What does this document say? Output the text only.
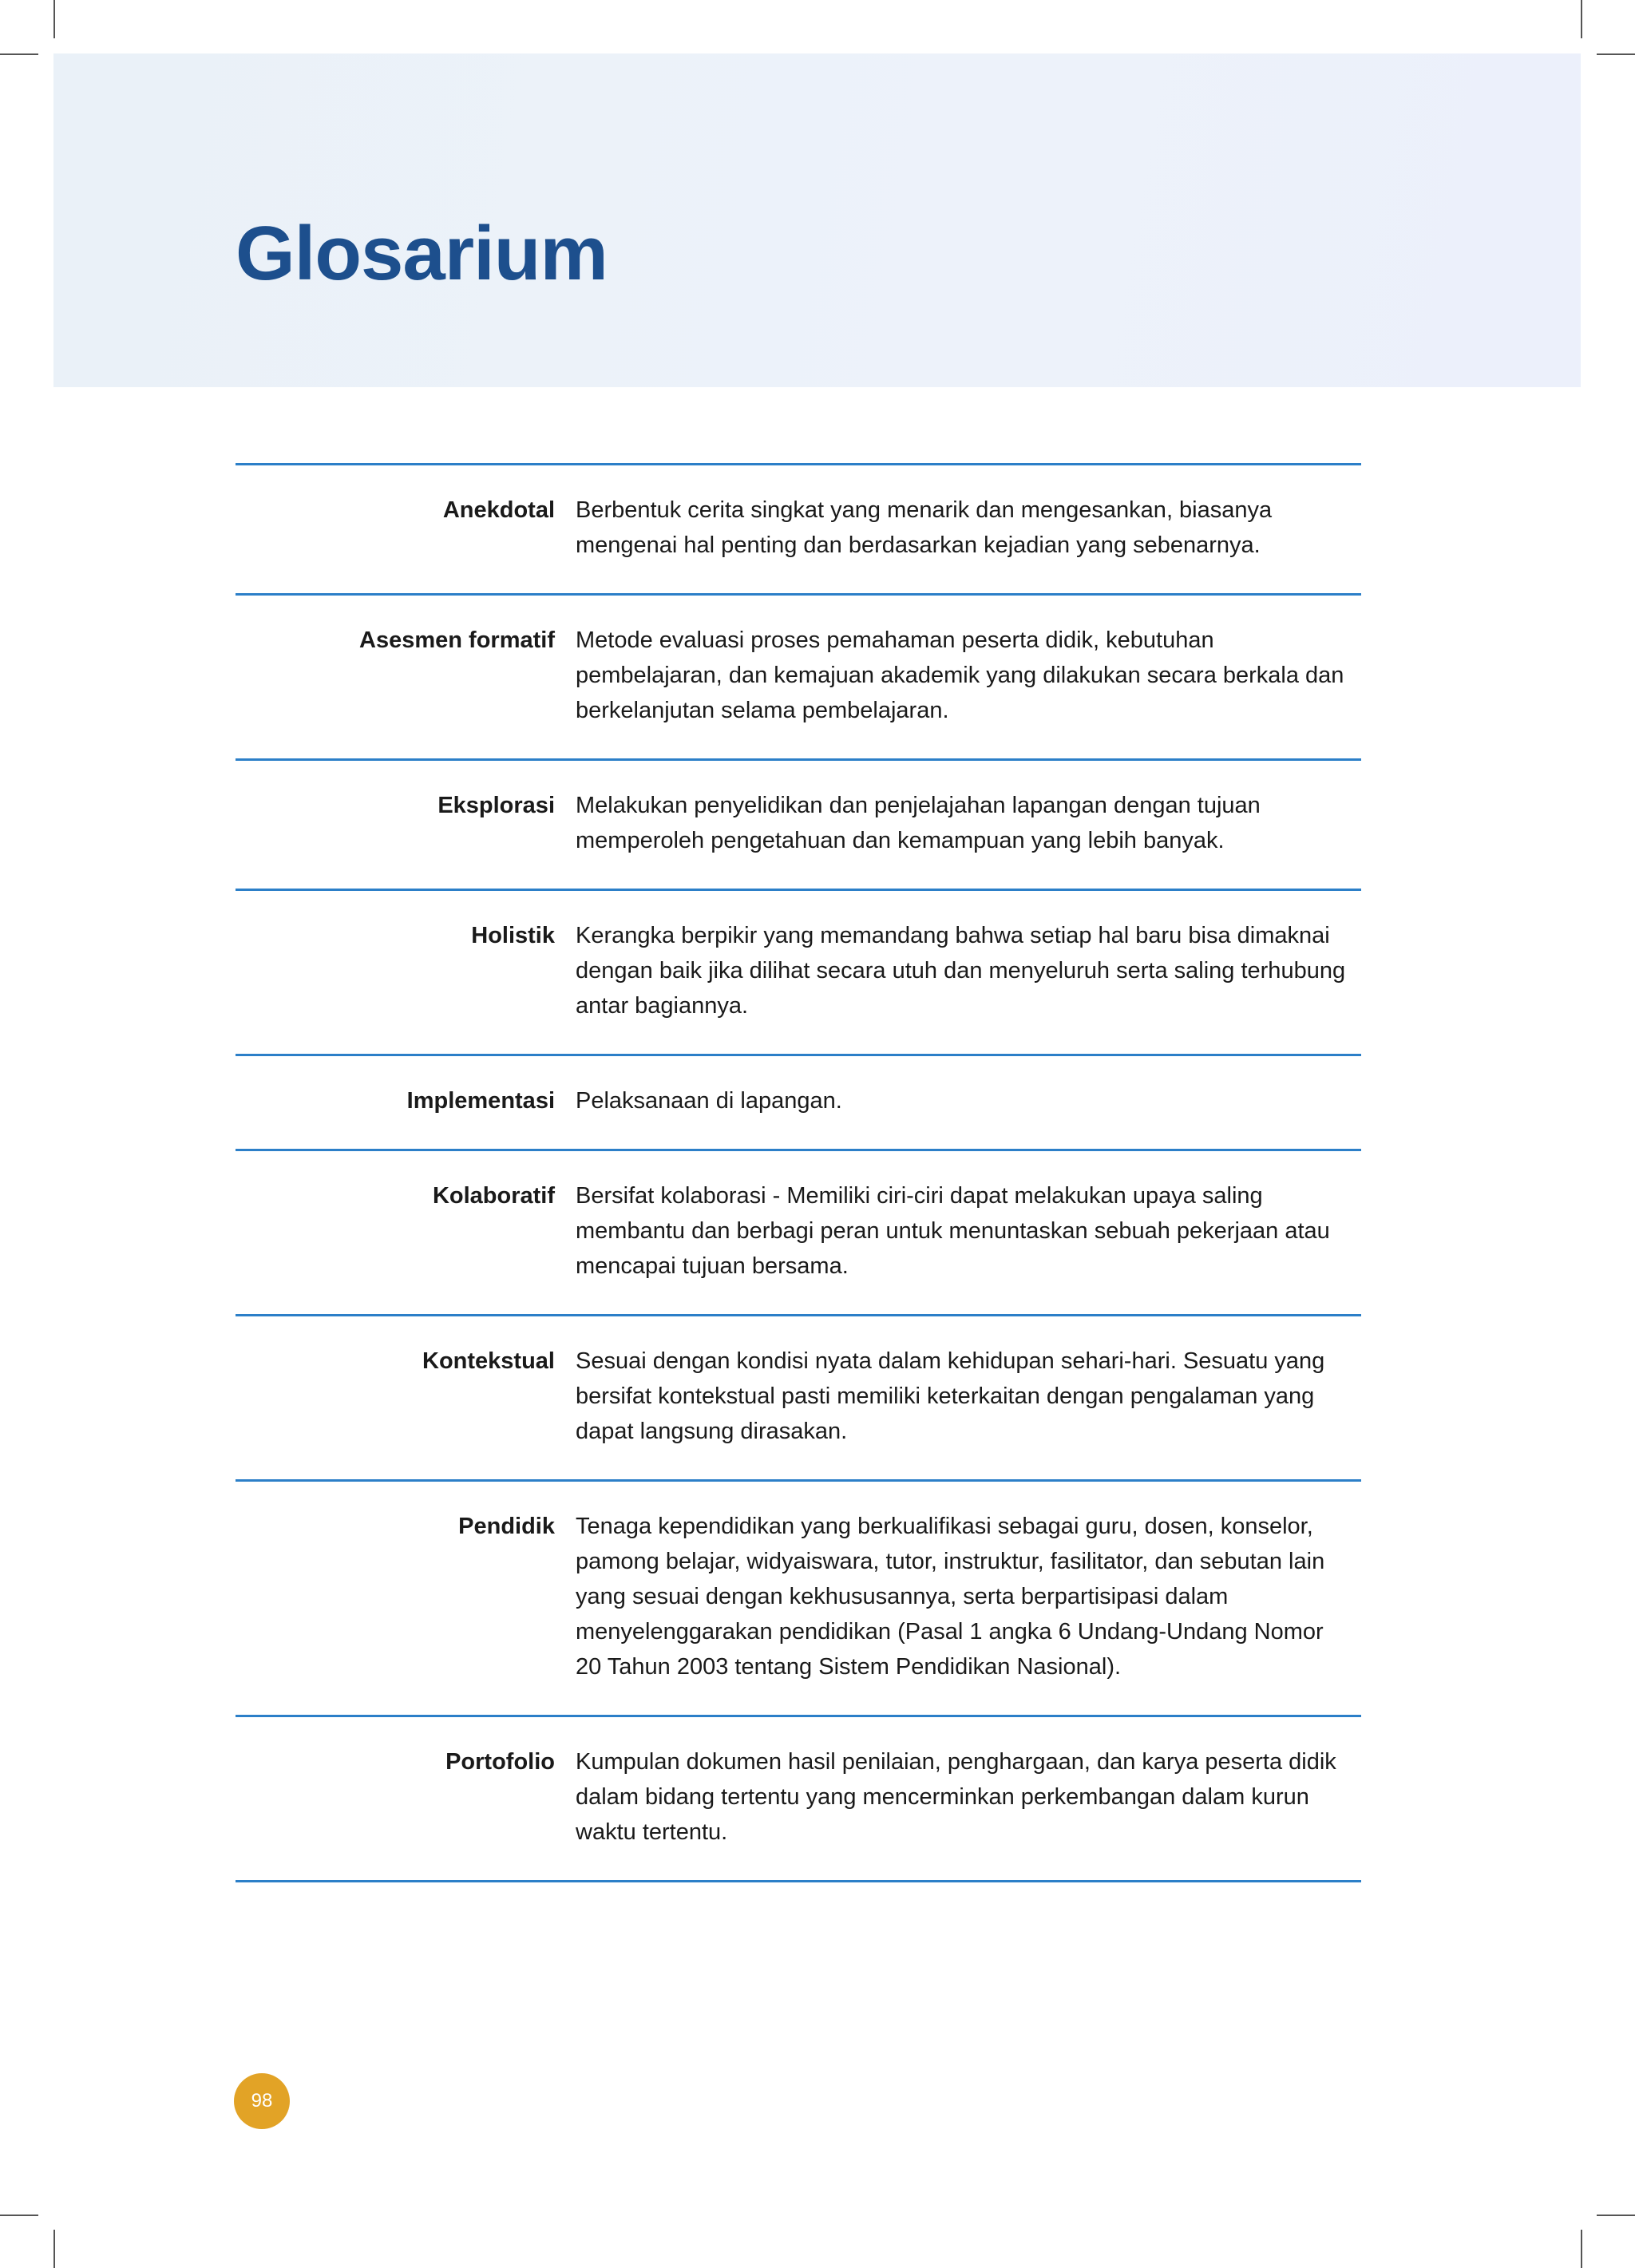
Glosarium
Anekdotal Berbentuk cerita singkat yang menarik dan mengesankan, biasanya mengenai hal penting dan berdasarkan kejadian yang sebenarnya.
Asesmen formatif Metode evaluasi proses pemahaman peserta didik, kebutuhan pembelajaran, dan kemajuan akademik yang dilakukan secara berkala dan berkelanjutan selama pembelajaran.
Eksplorasi Melakukan penyelidikan dan penjelajahan lapangan dengan tujuan memperoleh pengetahuan dan kemampuan yang lebih banyak.
Holistik Kerangka berpikir yang memandang bahwa setiap hal baru bisa dimaknai dengan baik jika dilihat secara utuh dan menyeluruh serta saling terhubung antar bagiannya.
Implementasi Pelaksanaan di lapangan.
Kolaboratif Bersifat kolaborasi - Memiliki ciri-ciri dapat melakukan upaya saling membantu dan berbagi peran untuk menuntaskan sebuah pekerjaan atau mencapai tujuan bersama.
Kontekstual Sesuai dengan kondisi nyata dalam kehidupan sehari-hari. Sesuatu yang bersifat kontekstual pasti memiliki keterkaitan dengan pengalaman yang dapat langsung dirasakan.
Pendidik Tenaga kependidikan yang berkualifikasi sebagai guru, dosen, konselor, pamong belajar, widyaiswara, tutor, instruktur, fasilitator, dan sebutan lain yang sesuai dengan kekhususannya, serta berpartisipasi dalam menyelenggarakan pendidikan (Pasal 1 angka 6 Undang-Undang Nomor 20 Tahun 2003 tentang Sistem Pendidikan Nasional).
Portofolio Kumpulan dokumen hasil penilaian, penghargaan, dan karya peserta didik dalam bidang tertentu yang mencerminkan perkembangan dalam kurun waktu tertentu.
98
